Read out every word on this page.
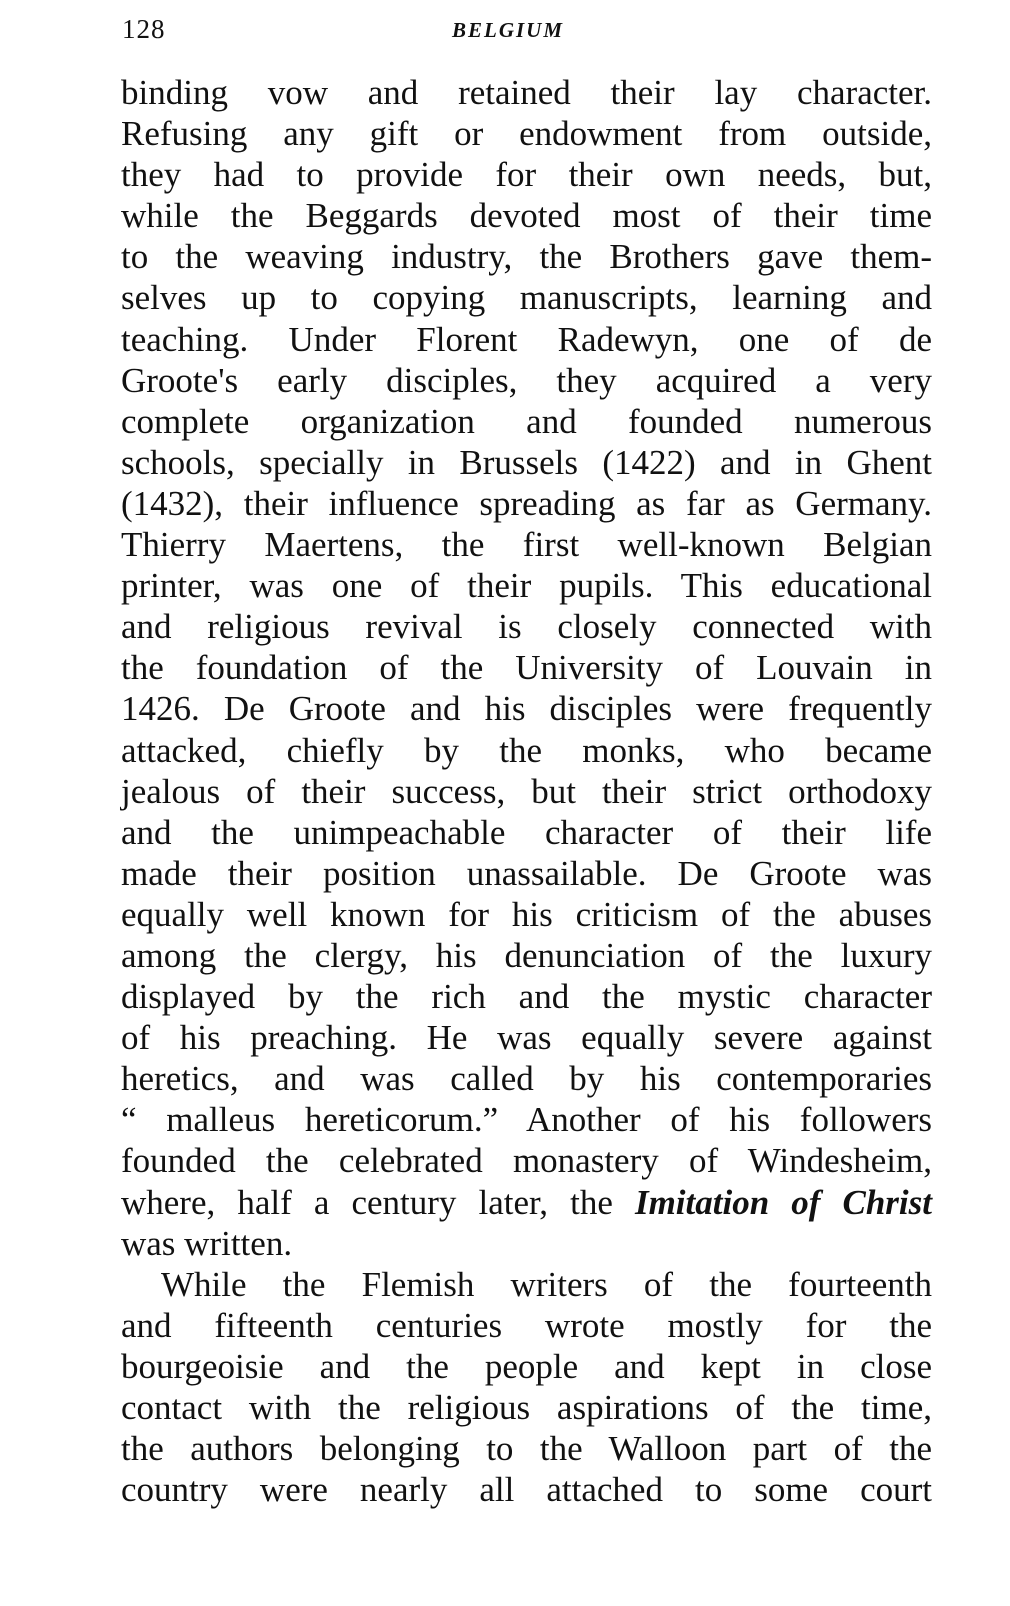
128	BELGIUM
binding vow and retained their lay character.
Refusing any gift or endowment from outside,
they had to provide for their own needs, but,
while the Beggards devoted most of their time
to the weaving industry, the Brothers gave them-
selves up to copying manuscripts, learning and
teaching. Under Florent Radewyn, one of de
Groote's early disciples, they acquired a very
complete organization and founded numerous
schools, specially in Brussels (1422) and in Ghent
(1432), their influence spreading as far as Germany.
Thierry Maertens, the first well-known Belgian
printer, was one of their pupils. This educational
and religious revival is closely connected with
the foundation of the University of Louvain in
1426. De Groote and his disciples were frequently
attacked, chiefly by the monks, who became
jealous of their success, but their strict orthodoxy
and the unimpeachable character of their life
made their position unassailable. De Groote was
equally well known for his criticism of the abuses
among the clergy, his denunciation of the luxury
displayed by the rich and the mystic character
of his preaching. He was equally severe against
heretics, and was called by his contemporaries
“ malleus hereticorum.” Another of his followers
founded the celebrated monastery of Windesheim,
where, half a century later, the Imitation of Christ
was written.
While the Flemish writers of the fourteenth
and fifteenth centuries wrote mostly for the
bourgeoisie and the people and kept in close
contact with the religious aspirations of the time,
the authors belonging to the Walloon part of the
country were nearly all attached to some court
